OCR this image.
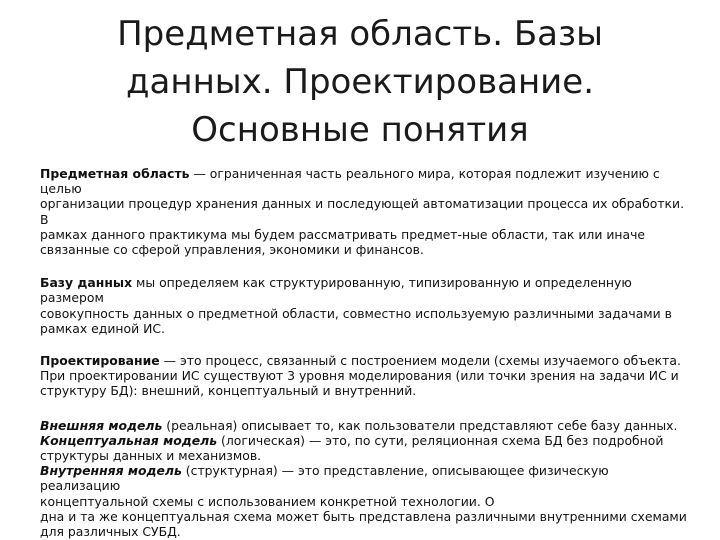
Предметная область. Базы
данных. Проектирование.
Основные понятия
Предметная область — ограниченная часть реального мира, которая подлежит изучению с целью
организации процедур хранения данных и последующей автоматизации процесса их обработки. В
рамках данного практикума мы будем рассматривать предмет-ные области, так или иначе
связанные со сферой управления, экономики и финансов.
Базу данных мы определяем как структурированную, типизированную и определенную размером
совокупность данных о предметной области, совместно используемую различными задачами в
рамках единой ИС.
Проектирование — это процесс, связанный с построением модели (схемы изучаемого объекта.
При проектировании ИС существуют 3 уровня моделирования (или точки зрения на задачи ИС и
структуру БД): внешний, концептуальный и внутренний.
Внешняя модель (реальная) описывает то, как пользователи представляют себе базу данных.
Концептуальная модель (логическая) — это, по сути, реляционная схема БД без подробной
структуры данных и механизмов.
Внутренняя модель (структурная) — это представление, описывающее физическую реализацию
концептуальной схемы с использованием конкретной технологии. О
дна и та же концептуальная схема может быть представлена различными внутренними схемами
для различных СУБД.
